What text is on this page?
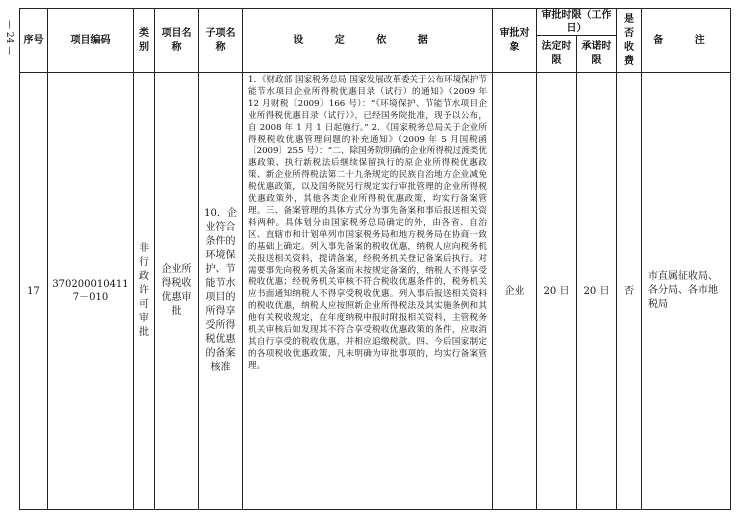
— 24 — 序号	项目编码	类别	项目名称	子项名称	设 定 依 据	审批对象	审批时限（工作日）		是否收费	备 注
							法定时限	承诺时限		
17	3702000104117－010	非行政许可审批	企业所得税收优惠审批	10．企业符合条件的环境保护、节能节水项目的所得享受所得税优惠的备案核准	1．《财政部 国家税务总局 国家发展改革委关于公布环境保护节能节水项目企业所得税优惠目录（试行）的通知》（2009 年 12 月财税〔2009〕166 号）：“《环境保护、节能节水项目企业所得税优惠目录（试行）》，已经国务院批准，现予以公布，自 2008 年 1 月 1 日起施行。” 2．《国家税务总局关于企业所得税税收优惠管理问题的补充通知》（2009 年 5 月国税函〔2009〕255 号）：“二、除国务院明确的企业所得税过渡类优惠政策、执行新税法后继续保留执行的原企业所得税优惠政策、新企业所得税法第二十九条规定的民族自治地方企业减免税优惠政策，以及国务院另行规定实行审批管理的企业所得税优惠政策外，其他各类企业所得税优惠政策，均实行备案管理。三、备案管理的具体方式分为事先备案和事后报送相关资料两种。具体划分由国家税务总局确定的外，由各省、自治区、直辖市和计划单列市国家税务局和地方税务局在协商一致的基础上确定。列入事先备案的税收优惠，纳税人应向税务机关报送相关资料，提请备案，经税务机关登记备案后执行。对需要事先向税务机关备案而未按规定备案的，纳税人不得享受税收优惠；经税务机关审核不符合税收优惠条件的，税务机关应书面通知纳税人不得享受税收优惠。列入事后报送相关资料的税收优惠，纳税人应按照新企业所得税法及其实施条例和其他有关税收规定，在年度纳税申报时附报相关资料，主管税务机关审核后如发现其不符合享受税收优惠政策的条件，应取消其自行享受的税收优惠，并相应追缴税款。四、今后国家制定的各项税收优惠政策，凡未明确为审批事项的，均实行备案管理。	企业	20 日	20 日	否	市直属征收局、各分局、各市地税局
